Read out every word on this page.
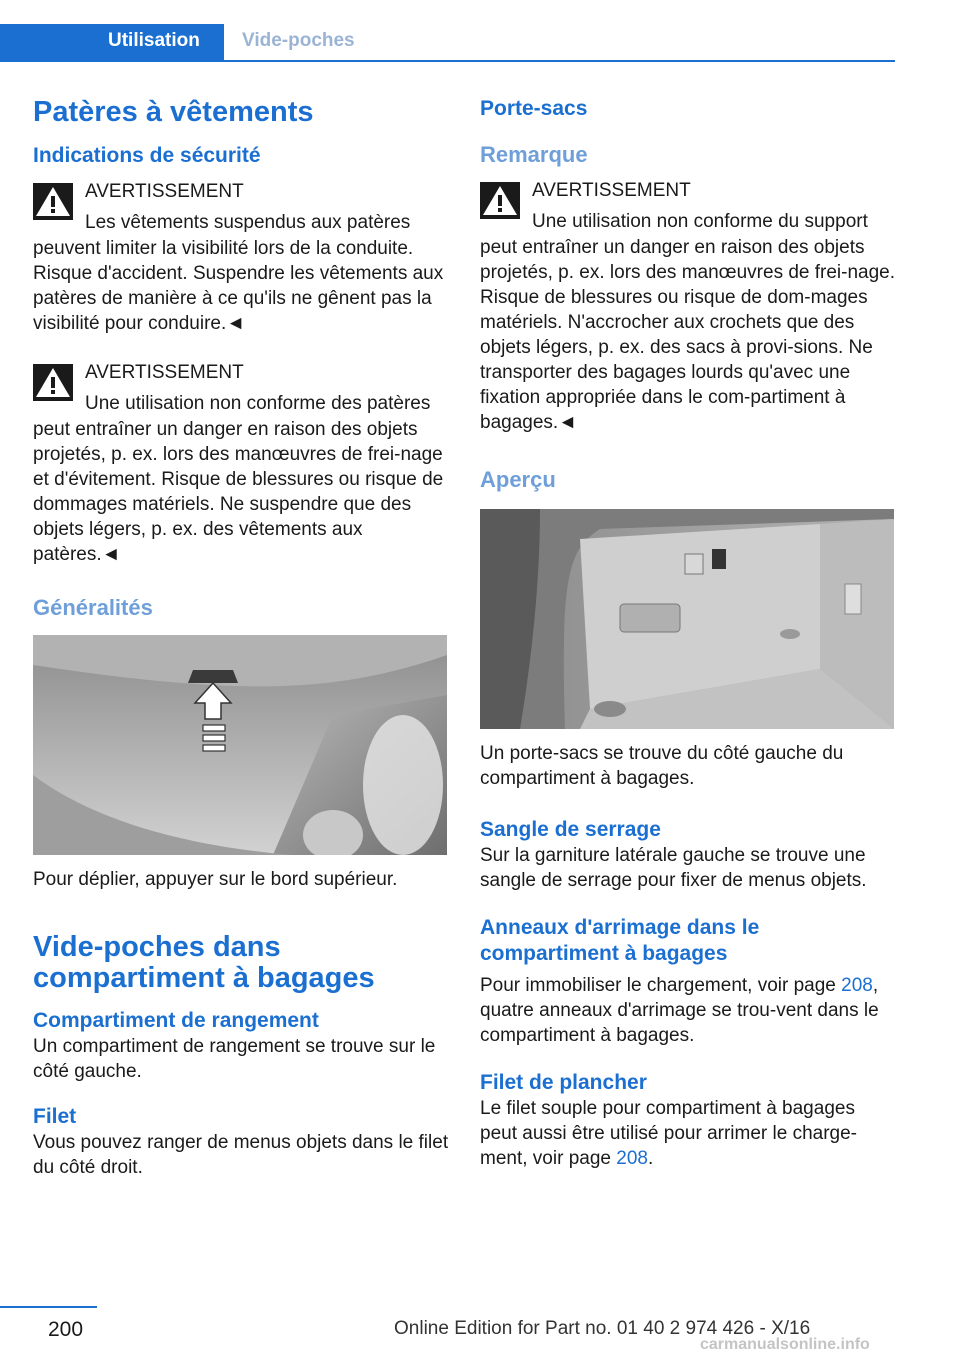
Utilisation	Vide-poches
Patères à vêtements
Indications de sécurité
AVERTISSEMENT
Les vêtements suspendus aux patères
peuvent limiter la visibilité lors de la conduite. Risque d'accident. Suspendre les vêtements aux patères de manière à ce qu'ils ne gênent pas la visibilité pour conduire.◄
AVERTISSEMENT
Une utilisation non conforme des patères
peut entraîner un danger en raison des objets projetés, p. ex. lors des manœuvres de frei-nage et d'évitement. Risque de blessures ou risque de dommages matériels. Ne suspendre que des objets légers, p. ex. des vêtements aux patères.◄
Généralités
Pour déplier, appuyer sur le bord supérieur.
Vide-poches dans compartiment à bagages
Compartiment de rangement
Un compartiment de rangement se trouve sur le côté gauche.
Filet
Vous pouvez ranger de menus objets dans le filet du côté droit.
Porte-sacs
Remarque
AVERTISSEMENT
Une utilisation non conforme du support
peut entraîner un danger en raison des objets projetés, p. ex. lors des manœuvres de frei-nage. Risque de blessures ou risque de dom-mages matériels. N'accrocher aux crochets que des objets légers, p. ex. des sacs à provi-sions. Ne transporter des bagages lourds qu'avec une fixation appropriée dans le com-partiment à bagages.◄
Aperçu
Un porte-sacs se trouve du côté gauche du compartiment à bagages.
Sangle de serrage
Sur la garniture latérale gauche se trouve une sangle de serrage pour fixer de menus objets.
Anneaux d'arrimage dans le compartiment à bagages
Pour immobiliser le chargement, voir page 208, quatre anneaux d'arrimage se trou-vent dans le compartiment à bagages.
Filet de plancher
Le filet souple pour compartiment à bagages peut aussi être utilisé pour arrimer le charge-ment, voir page 208.
200	Online Edition for Part no. 01 40 2 974 426 - X/16
carmanualsonline.info
